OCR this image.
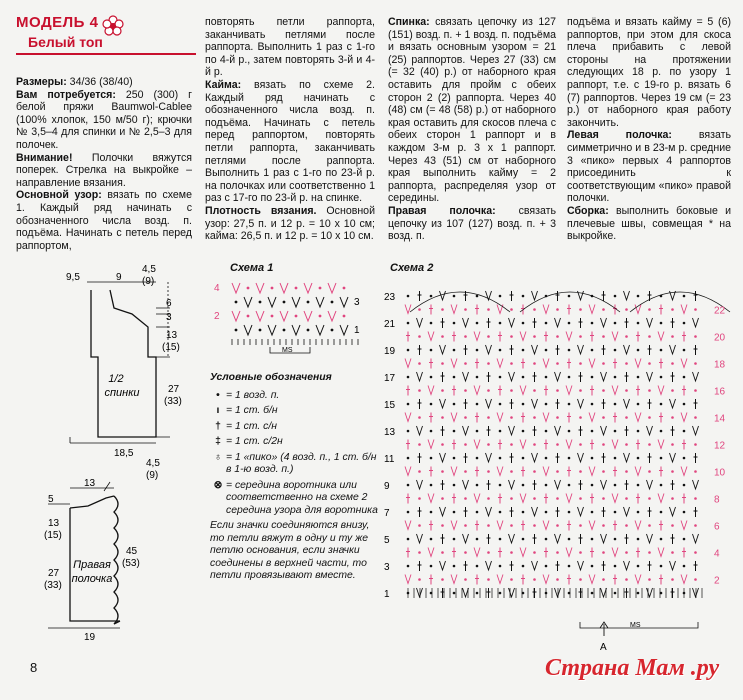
МОДЕЛЬ 4
Белый топ

Размеры: 34/36 (38/40)

Вам потребуется: 250 (300) г белой пряжи Baumwol-Cablee (100% хлопок, 150 м/50 г); крючки № 3,5–4 для спинки и № 2,5–3 для полочек.

Внимание! Полочки вяжутся поперек. Стрелка на выкройке – направление вязания.

Основной узор: вязать по схеме 1. Каждый ряд начинать с обозначенного числа возд. п. подъёма. Начинать с петель перед раппортом,

повторять петли раппорта, заканчивать петлями после раппорта. Выполнить 1 раз с 1-го по 4-й р., затем повторять 3-й и 4-й р.

Кайма: вязать по схеме 2. Каждый ряд начинать с обозначенного числа возд. п. подъёма. Начинать с петель перед раппортом, повторять петли раппорта, заканчивать петлями после раппорта. Выполнить 1 раз с 1-го по 23-й р. на полочках или соответственно 1 раз с 17-го по 23-й р. на спинке.

Плотность вязания. Основной узор: 27,5 п. и 12 р. = 10 х 10 см; кайма: 26,5 п. и 12 р. = 10 х 10 см.

Спинка: связать цепочку из 127 (151) возд. п. + 1 возд. п. подъёма и вязать основным узором = 21 (25) раппортов. Через 27 (33) см (= 32 (40) р.) от наборного края оставить для пройм с обеих сторон 2 (2) раппорта. Через 40 (48) см (= 48 (58) р.) от наборного края оставить для скосов плеча с обеих сторон 1 раппорт и в каждом 3-м р. 3 х 1 раппорт. Через 43 (51) см от наборного края выполнить кайму = 2 раппорта, распределяя узор от середины.

Правая полочка: связать цепочку из 107 (127) возд. п. + 3 возд. п.

подъёма и вязать кайму = 5 (6) раппортов, при этом для скоса плеча прибавить с левой стороны на протяжении следующих 18 р. по узору 1 раппорт, т.е. с 19-го р. вязать 6 (7) раппортов. Через 19 см (= 23 р.) от наборного края работу закончить.

Левая полочка: вязать симметрично и в 23-м р. средние 3 «пико» первых 4 раппортов присоединить к соответствующим «пико» правой полочки.

Сборка: выполнить боковые и плечевые швы, совмещая * на выкройке.

9,5	9
4,5
(9)
6
3
13
(15)
27
(33)
1/2
спинки
18,5
4,5
(9)
13
5
13
(15)
27
(33)
45
(53)
Правая
полочка
19
Схема 1
4
2
3
1
MS
Условные обозначения
• = 1 возд. п.
ı = 1 ст. б/н
† = 1 ст. с/н
‡ = 1 ст. с/2н
♁ = 1 «пико» (4 возд. п., 1 ст. б/н в 1-ю возд. п.)
⊗ = середина воротника или соответственно на схеме 2 середина узора для воротника
Если значки соединяются внизу, то петли вяжут в одну и ту же петлю основания, если значки соединены в верхней части, то петли провязывают вместе.
Схема 2
23
21
19
17
15
13
11
9
7
5
3
1
22
20
18
16
14
12
10
8
6
4
2
MS
A
8	Страна Мам .ру
